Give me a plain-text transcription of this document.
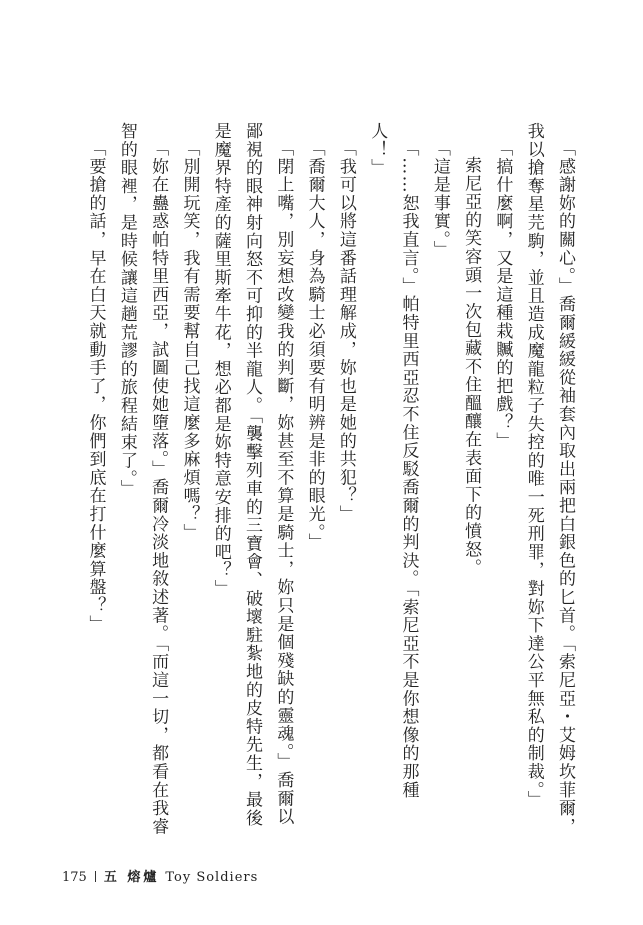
「感謝妳的關心。」喬爾緩緩從袖套內取出兩把白銀色的匕首。「索尼亞・艾姆坎菲爾，我以搶奪星芫駒，並且造成魔龍粒子失控的唯一死刑罪，對妳下達公平無私的制裁。」

「搞什麼啊，又是這種栽贓的把戲？」

索尼亞的笑容頭一次包藏不住醞釀在表面下的憤怒。

「這是事實。」

「……恕我直言。」帕特里西亞忍不住反駁喬爾的判決。「索尼亞不是你想像的那種人！」

「我可以將這番話理解成，妳也是她的共犯？」

「喬爾大人，身為騎士必須要有明辨是非的眼光。」

「閉上嘴，別妄想改變我的判斷，妳甚至不算是騎士，妳只是個殘缺的靈魂。」喬爾以鄙視的眼神射向怒不可抑的半龍人。「襲擊列車的三寶會、破壞駐紮地的皮特先生，最後是魔界特產的薩里斯牽牛花，想必都是妳特意安排的吧？」

「別開玩笑，我有需要幫自己找這麼多麻煩嗎？」

「妳在蠱惑帕特里西亞，試圖使她墮落。」喬爾冷淡地敘述著。「而這一切，都看在我睿智的眼裡，是時候讓這趟荒謬的旅程結束了。」

「要搶的話，早在白天就動手了，你們到底在打什麼算盤？」

175 五 熔爐 Toy Soldiers
